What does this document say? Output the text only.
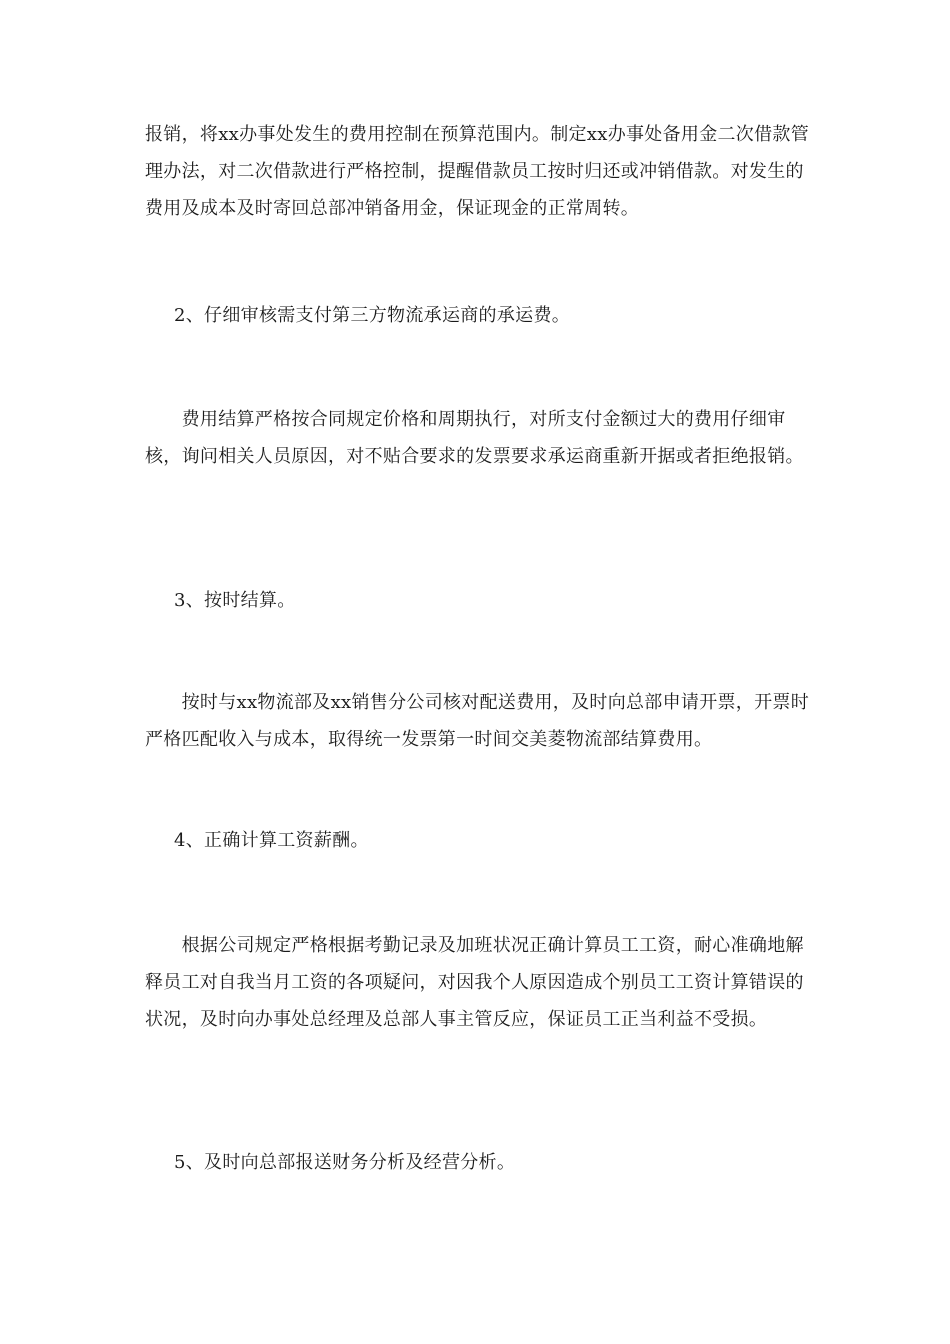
报销，将xx办事处发生的费用控制在预算范围内。制定xx办事处备用金二次借款管理办法，对二次借款进行严格控制，提醒借款员工按时归还或冲销借款。对发生的费用及成本及时寄回总部冲销备用金，保证现金的正常周转。

2、仔细审核需支付第三方物流承运商的承运费。

　　费用结算严格按合同规定价格和周期执行，对所支付金额过大的费用仔细审核，询问相关人员原因，对不贴合要求的发票要求承运商重新开据或者拒绝报销。

3、按时结算。

　　按时与xx物流部及xx销售分公司核对配送费用，及时向总部申请开票，开票时严格匹配收入与成本，取得统一发票第一时间交美菱物流部结算费用。

4、正确计算工资薪酬。

　　根据公司规定严格根据考勤记录及加班状况正确计算员工工资，耐心准确地解释员工对自我当月工资的各项疑问，对因我个人原因造成个别员工工资计算错误的状况，及时向办事处总经理及总部人事主管反应，保证员工正当利益不受损。

5、及时向总部报送财务分析及经营分析。
